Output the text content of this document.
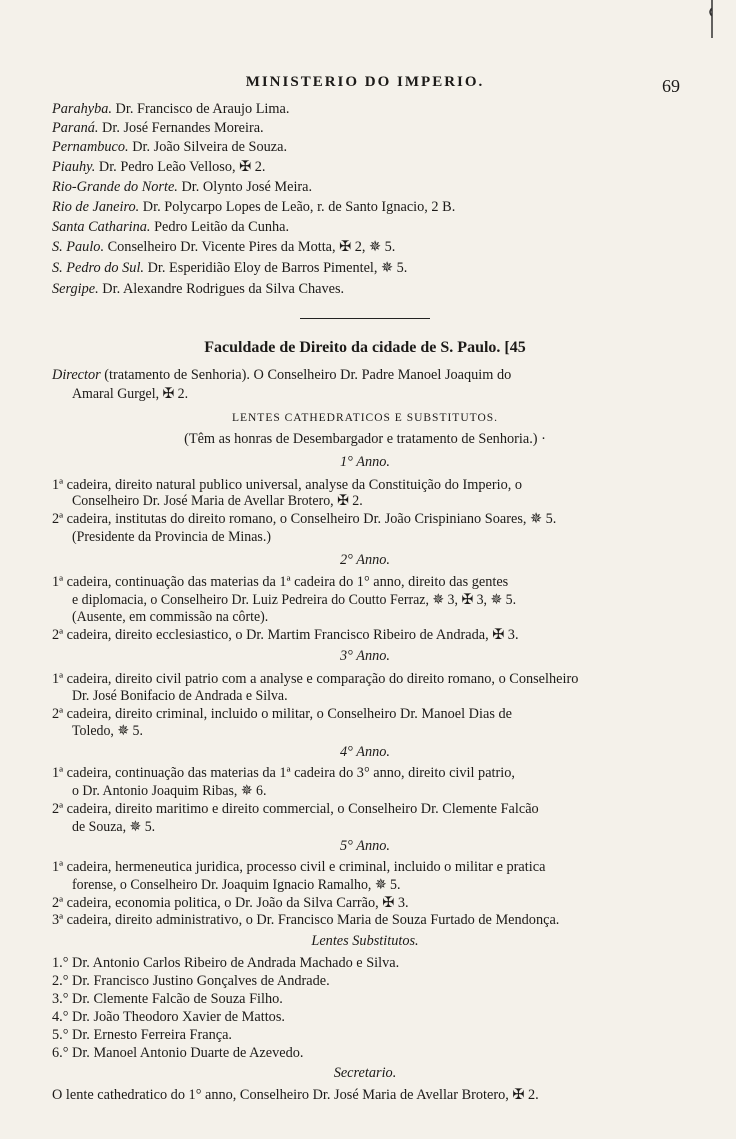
MINISTERIO DO IMPERIO.	69
Parahyba. Dr. Francisco de Araujo Lima.
Paraná. Dr. José Fernandes Moreira.
Pernambuco. Dr. João Silveira de Souza.
Piauhy. Dr. Pedro Leão Velloso, ✠ 2.
Rio-Grande do Norte. Dr. Olynto José Meira.
Rio de Janeiro. Dr. Polycarpo Lopes de Leão, r. de Santo Ignacio, 2 B.
Santa Catharina. Pedro Leitão da Cunha.
S. Paulo. Conselheiro Dr. Vicente Pires da Motta, ✠ 2, ✵ 5.
S. Pedro do Sul. Dr. Esperidião Eloy de Barros Pimentel, ✵ 5.
Sergipe. Dr. Alexandre Rodrigues da Silva Chaves.
Faculdade de Direito da cidade de S. Paulo. [45
Director (tratamento de Senhoria). O Conselheiro Dr. Padre Manoel Joaquim do
Amaral Gurgel, ✠ 2.
LENTES CATHEDRATICOS E SUBSTITUTOS.
(Têm as honras de Desembargador e tratamento de Senhoria.) ·
1° Anno.
1ª cadeira, direito natural publico universal, analyse da Constituição do Imperio, o
Conselheiro Dr. José Maria de Avellar Brotero, ✠ 2.
2ª cadeira, institutas do direito romano, o Conselheiro Dr. João Crispiniano Soares, ✵ 5.
(Presidente da Provincia de Minas.)
2° Anno.
1ª cadeira, continuação das materias da 1ª cadeira do 1° anno, direito das gentes
e diplomacia, o Conselheiro Dr. Luiz Pedreira do Coutto Ferraz, ✵ 3, ✠ 3, ✵ 5.
(Ausente, em commissão na côrte).
2ª cadeira, direito ecclesiastico, o Dr. Martim Francisco Ribeiro de Andrada, ✠ 3.
3° Anno.
1ª cadeira, direito civil patrio com a analyse e comparação do direito romano, o Conselheiro
Dr. José Bonifacio de Andrada e Silva.
2ª cadeira, direito criminal, incluido o militar, o Conselheiro Dr. Manoel Dias de
Toledo, ✵ 5.
4° Anno.
1ª cadeira, continuação das materias da 1ª cadeira do 3° anno, direito civil patrio,
o Dr. Antonio Joaquim Ribas, ✵ 6.
2ª cadeira, direito maritimo e direito commercial, o Conselheiro Dr. Clemente Falcão
de Souza, ✵ 5.
5° Anno.
1ª cadeira, hermeneutica juridica, processo civil e criminal, incluido o militar e pratica
forense, o Conselheiro Dr. Joaquim Ignacio Ramalho, ✵ 5.
2ª cadeira, economia politica, o Dr. João da Silva Carrão, ✠ 3.
3ª cadeira, direito administrativo, o Dr. Francisco Maria de Souza Furtado de Mendonça.
Lentes Substitutos.
1.° Dr. Antonio Carlos Ribeiro de Andrada Machado e Silva.
2.° Dr. Francisco Justino Gonçalves de Andrade.
3.° Dr. Clemente Falcão de Souza Filho.
4.° Dr. João Theodoro Xavier de Mattos.
5.° Dr. Ernesto Ferreira França.
6.° Dr. Manoel Antonio Duarte de Azevedo.
Secretario.
O lente cathedratico do 1° anno, Conselheiro Dr. José Maria de Avellar Brotero, ✠ 2.
